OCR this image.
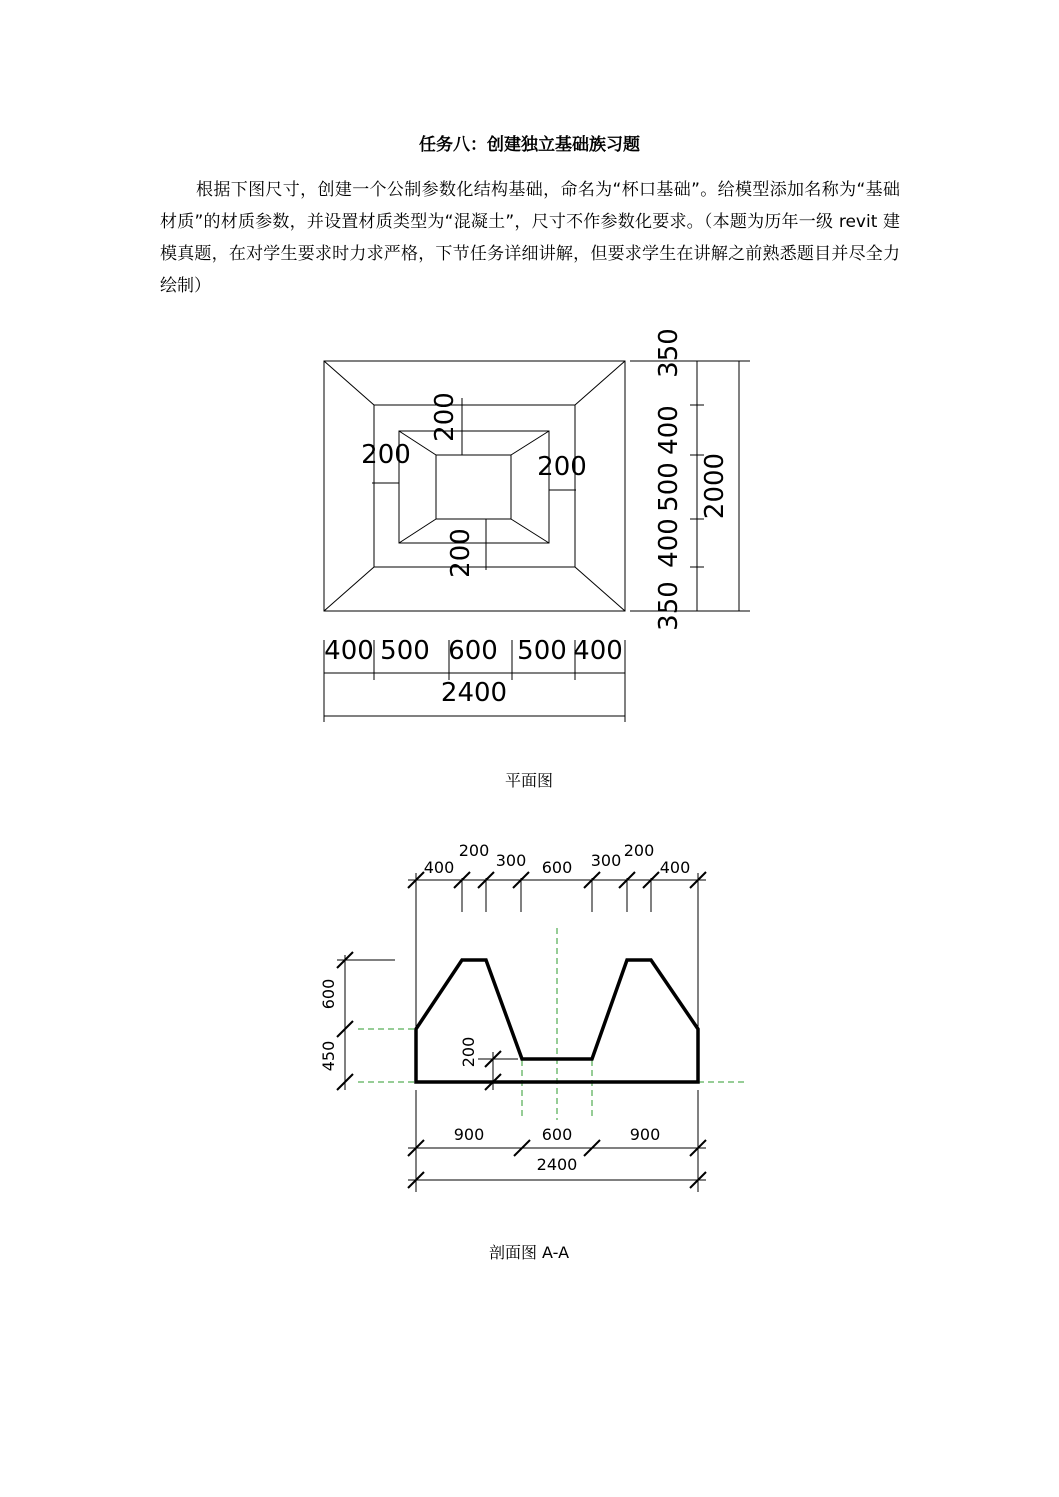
任务八：创建独立基础族习题
根据下图尺寸，创建一个公制参数化结构基础，命名为“杯口基础”。给模型添加名称为“基础材质”的材质参数，并设置材质类型为“混凝土”，尺寸不作参数化要求。（本题为历年一级 revit 建模真题，在对学生要求时力求严格，下节任务详细讲解，但要求学生在讲解之前熟悉题目并尽全力绘制）
200
200	200
200
350
400
500
400
350
2000
400 500 600 500 400
2400
400
200
300 600 300
200
400
600
450	200
900	600	900
2400
平面图
剖面图 A-A
